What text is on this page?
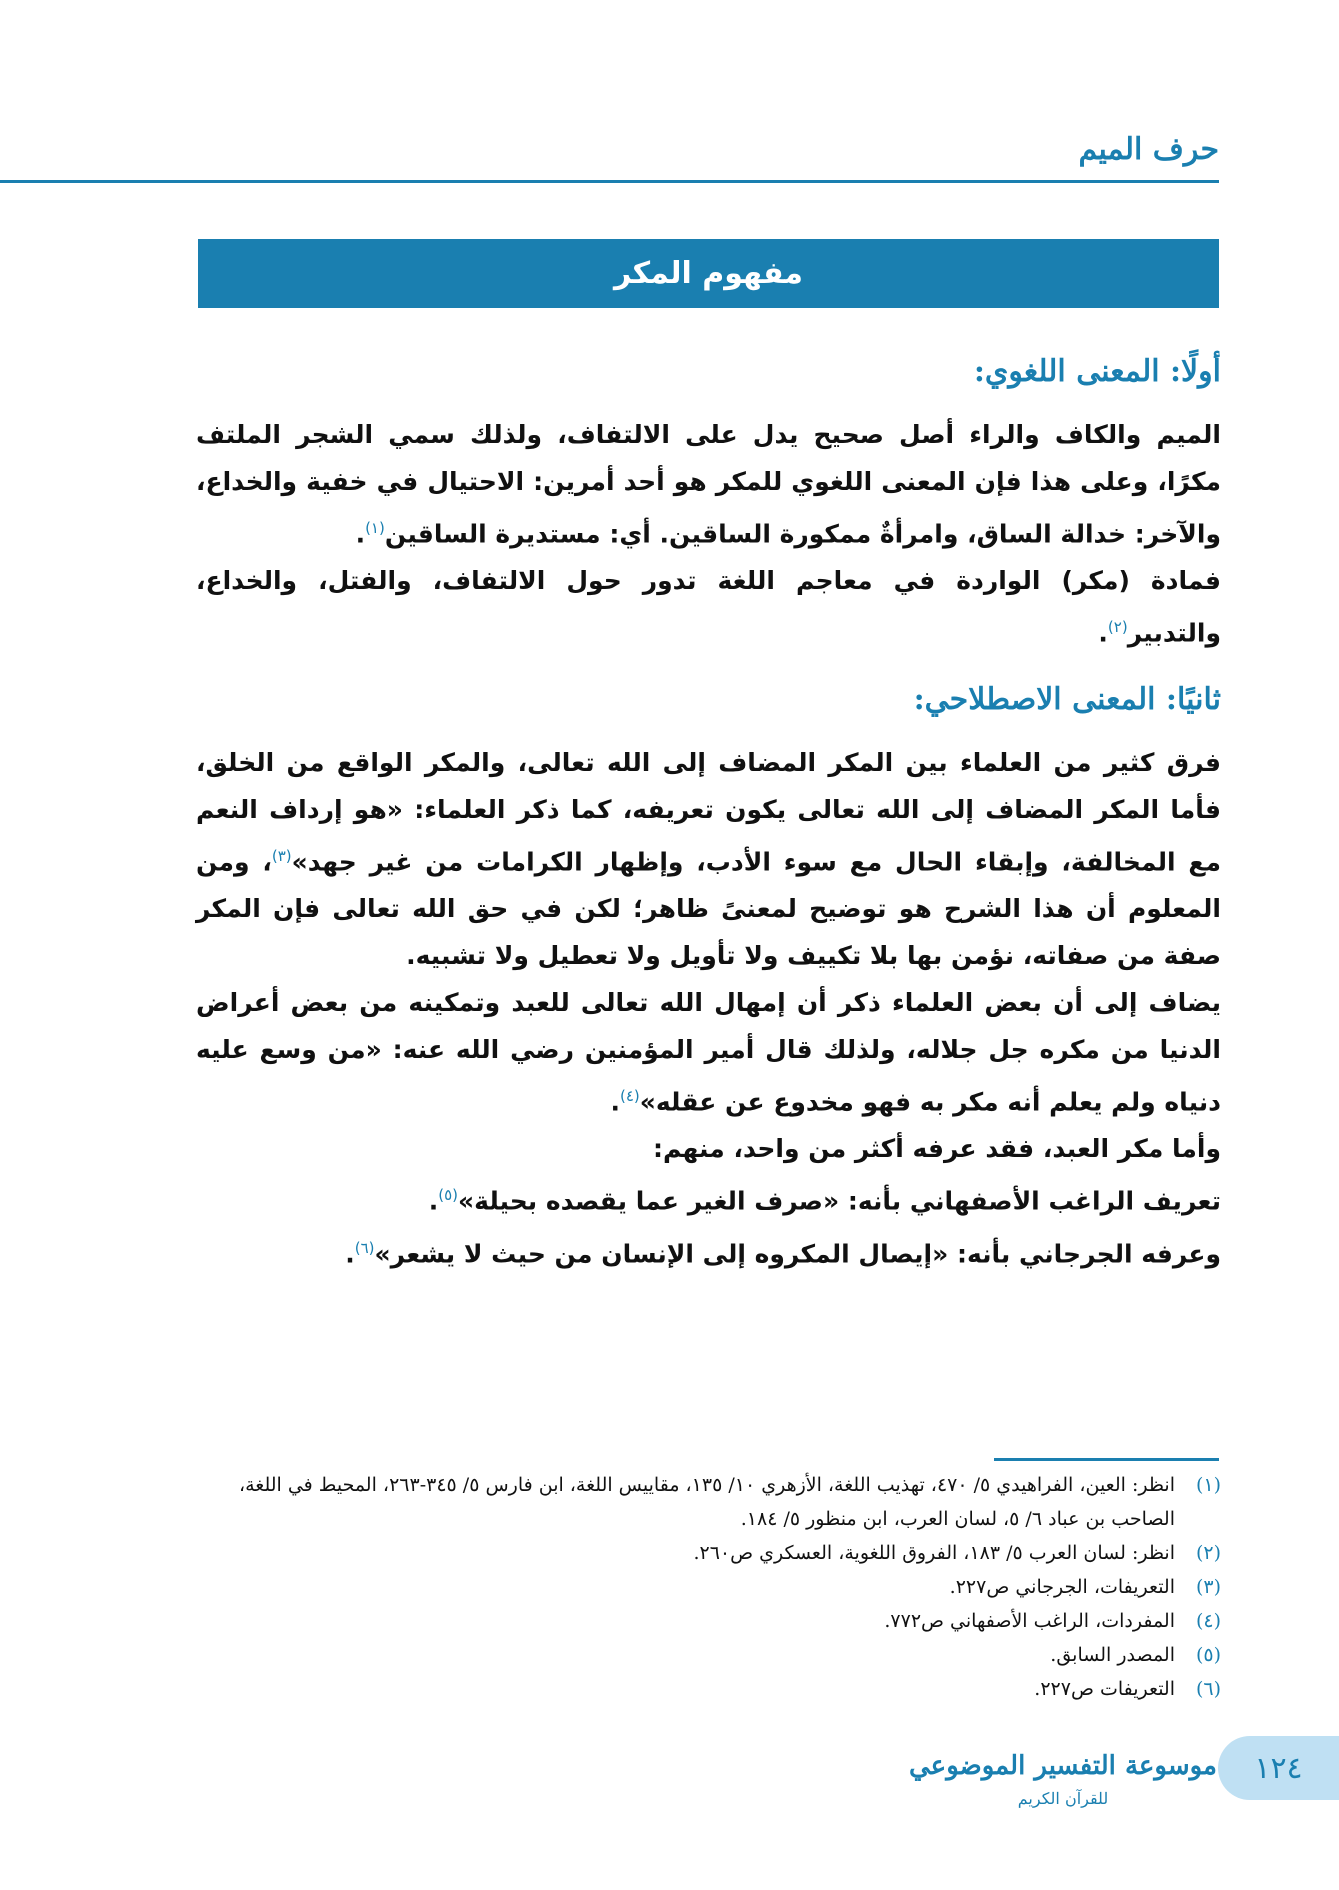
حرف الميم
مفهوم المكر
أولًا: المعنى اللغوي:

الميم والكاف والراء أصل صحيح يدل على الالتفاف، ولذلك سمي الشجر الملتف مكرًا، وعلى هذا فإن المعنى اللغوي للمكر هو أحد أمرين: الاحتيال في خفية والخداع، والآخر: خدالة الساق، وامرأةٌ ممكورة الساقين. أي: مستديرة الساقين$^{(١)}$.

فمادة (مكر) الواردة في معاجم اللغة تدور حول الالتفاف، والفتل، والخداع، والتدبير$^{(٢)}$.

ثانيًا: المعنى الاصطلاحي:

فرق كثير من العلماء بين المكر المضاف إلى الله تعالى، والمكر الواقع من الخلق، فأما المكر المضاف إلى الله تعالى يكون تعريفه، كما ذكر العلماء: «هو إرداف النعم مع المخالفة، وإبقاء الحال مع سوء الأدب، وإظهار الكرامات من غير جهد»$^{(٣)}$، ومن المعلوم أن هذا الشرح هو توضيح لمعنىً ظاهر؛ لكن في حق الله تعالى فإن المكر صفة من صفاته، نؤمن بها بلا تكييف ولا تأويل ولا تعطيل ولا تشبيه.

يضاف إلى أن بعض العلماء ذكر أن إمهال الله تعالى للعبد وتمكينه من بعض أعراض الدنيا من مكره جل جلاله، ولذلك قال أمير المؤمنين رضي الله عنه: «من وسع عليه دنياه ولم يعلم أنه مكر به فهو مخدوع عن عقله»$^{(٤)}$.

وأما مكر العبد، فقد عرفه أكثر من واحد، منهم:

تعريف الراغب الأصفهاني بأنه: «صرف الغير عما يقصده بحيلة»$^{(٥)}$.

وعرفه الجرجاني بأنه: «إيصال المكروه إلى الإنسان من حيث لا يشعر»$^{(٦)}$.

(١)
انظر: العين، الفراهيدي ٥/ ٤٧٠، تهذيب اللغة، الأزهري ١٠/ ١٣٥، مقاييس اللغة، ابن فارس ٥/ ٣٤٥-٢٦٣، المحيط في اللغة، الصاحب بن عباد ٦/ ٥، لسان العرب، ابن منظور ٥/ ١٨٤.
(٢)
انظر: لسان العرب ٥/ ١٨٣، الفروق اللغوية، العسكري ص٢٦٠.
(٣)
التعريفات، الجرجاني ص٢٢٧.
(٤)
المفردات، الراغب الأصفهاني ص٧٧٢.
(٥)
المصدر السابق.
(٦)
التعريفات ص٢٢٧.
موسوعة التفسير الموضوعي
للقرآن الكريم
١٢٤
